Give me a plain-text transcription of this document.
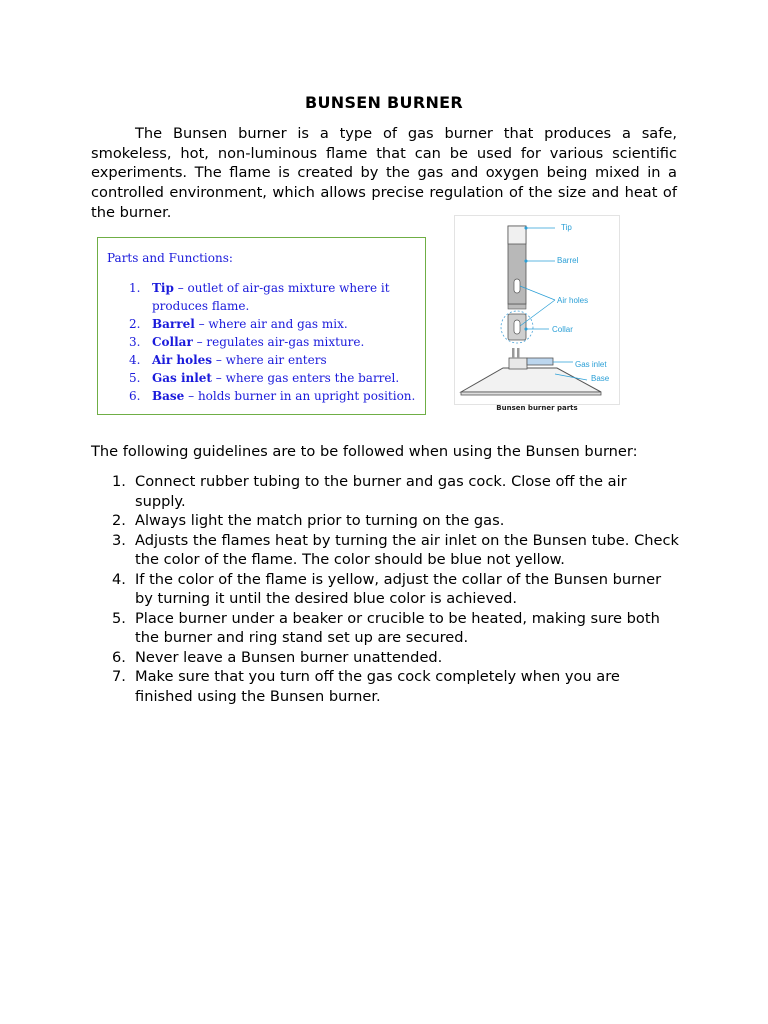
BUNSEN BURNER

The Bunsen burner is a type of gas burner that produces a safe, smokeless, hot, non-luminous flame that can be used for various scientific experiments. The flame is created by the gas and oxygen being mixed in a controlled environment, which allows precise regulation of the size and heat of the burner.

Parts and Functions:
1. Tip – outlet of air-gas mixture where it produces flame.
2. Barrel – where air and gas mix.
3. Collar – regulates air-gas mixture.
4. Air holes – where air enters
5. Gas inlet – where gas enters the barrel.
6. Base – holds burner in an upright position.
Tip
Barrel
Air holes
Collar
Gas inlet
Base
Bunsen burner parts
The following guidelines are to be followed when using the Bunsen burner:
1. Connect rubber tubing to the burner and gas cock. Close off the air supply.
2. Always light the match prior to turning on the gas.
3. Adjusts the flames heat by turning the air inlet on the Bunsen tube. Check the color of the flame. The color should be blue not yellow.
4. If the color of the flame is yellow, adjust the collar of the Bunsen burner by turning it until the desired blue color is achieved.
5. Place burner under a beaker or crucible to be heated, making sure both the burner and ring stand set up are secured.
6. Never leave a Bunsen burner unattended.
7. Make sure that you turn off the gas cock completely when you are finished using the Bunsen burner.
